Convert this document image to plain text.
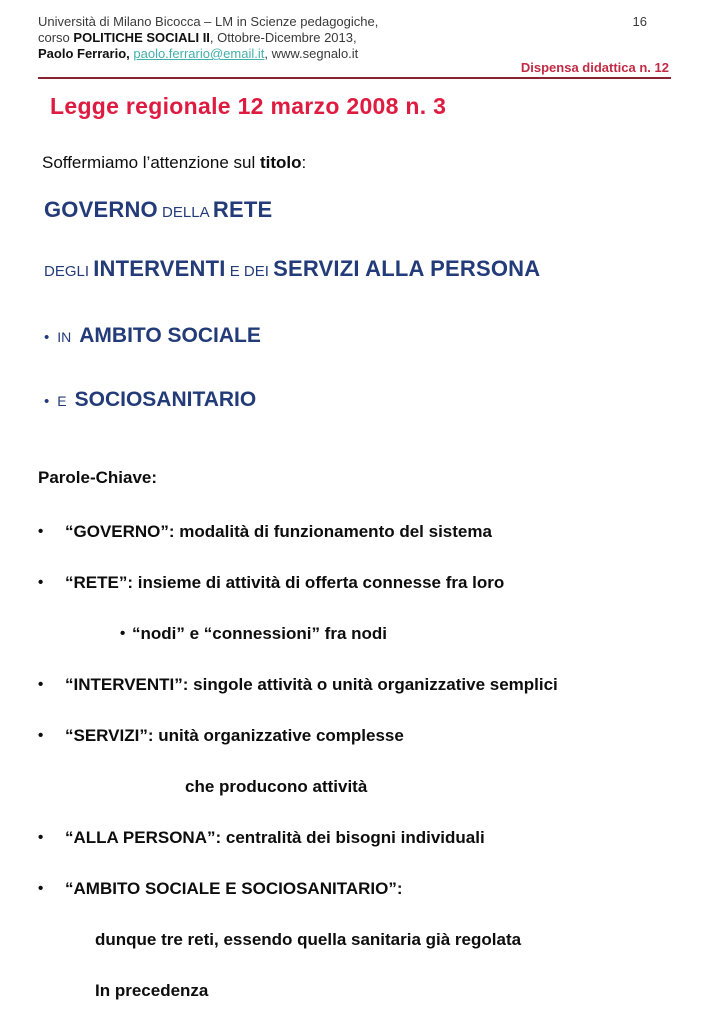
Università di Milano Bicocca – LM in Scienze pedagogiche,
corso POLITICHE SOCIALI II, Ottobre-Dicembre 2013,
Paolo Ferrario, paolo.ferrario@email.it, www.segnalo.it
16
Dispensa didattica n. 12
Legge regionale 12 marzo 2008 n. 3
Soffermiamo l’attenzione sul titolo:
GOVERNO DELLA RETE
DEGLI INTERVENTI E DEI SERVIZI ALLA PERSONA
• IN AMBITO SOCIALE
• E SOCIOSANITARIO
Parole-Chiave:
•	“GOVERNO”: modalità di funzionamento del sistema
•	“RETE”: insieme di attività di offerta connesse fra loro
• “nodi” e “connessioni” fra nodi
•	“INTERVENTI”: singole attività o unità organizzative semplici
•	“SERVIZI”: unità organizzative complesse
che producono attività
•	“ALLA PERSONA”: centralità dei bisogni individuali
•	“AMBITO SOCIALE E SOCIOSANITARIO”:
dunque tre reti, essendo quella sanitaria già regolata
In precedenza
